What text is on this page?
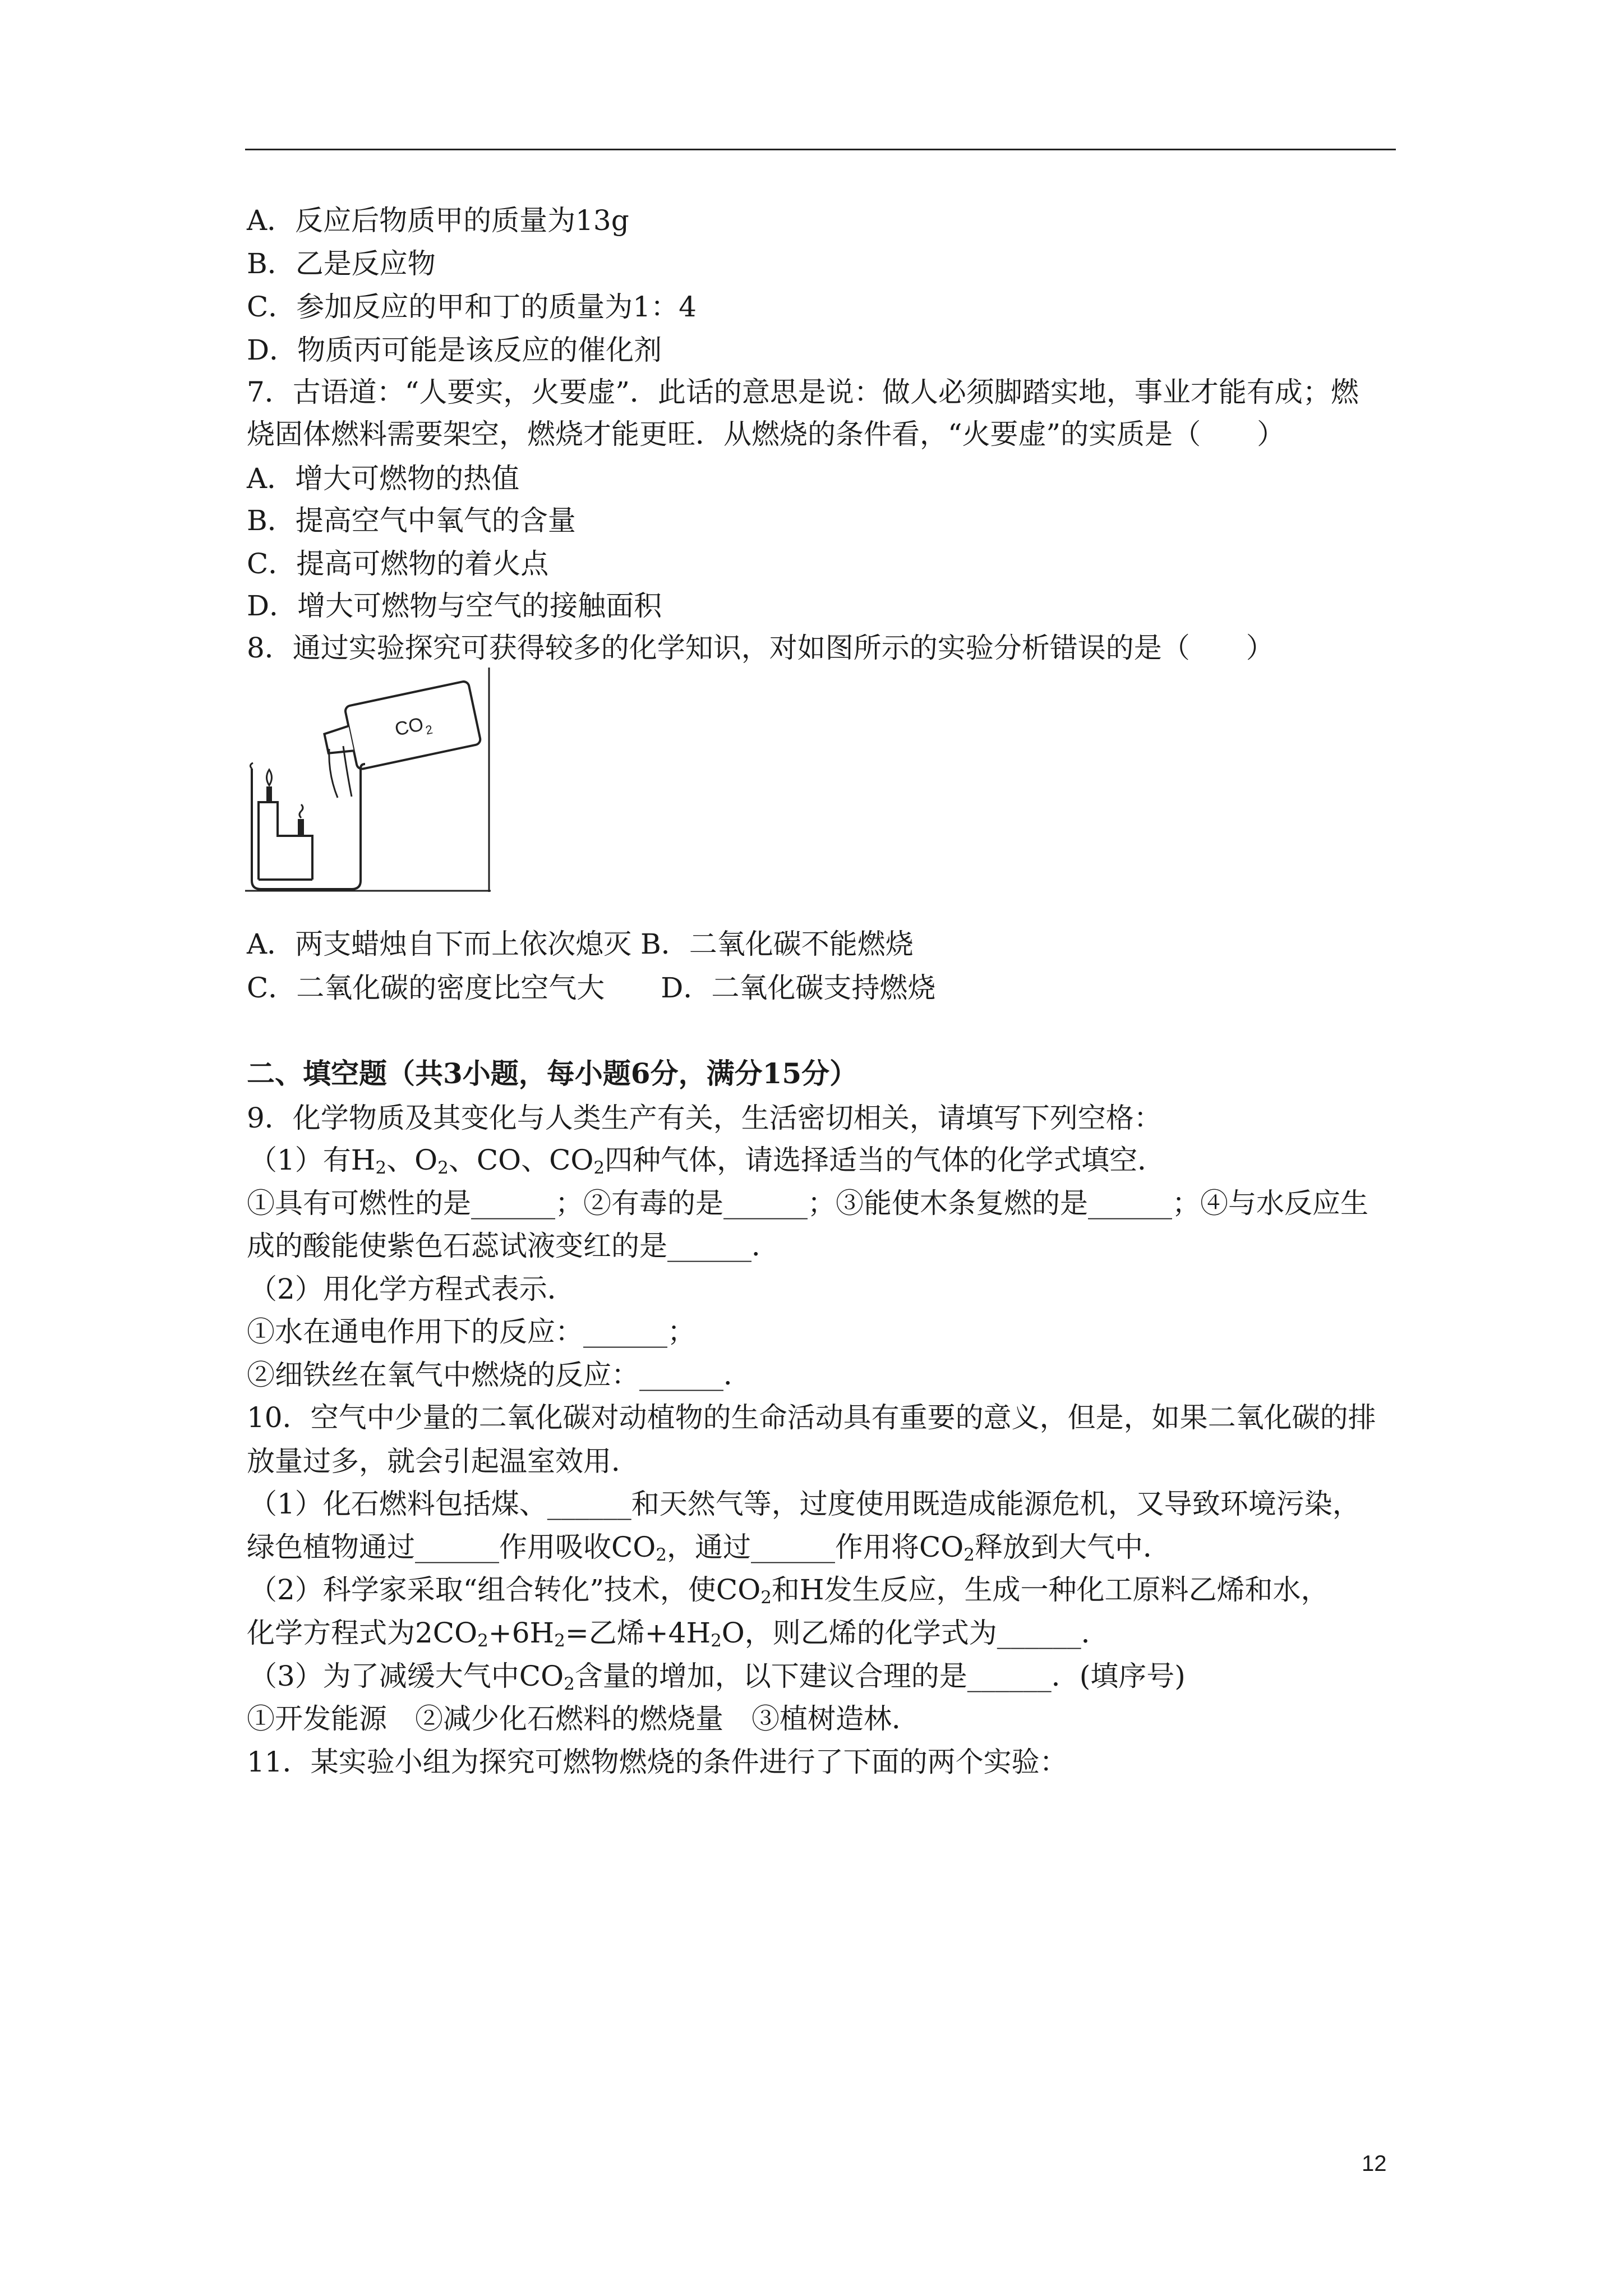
A．反应后物质甲的质量为13g
B．乙是反应物
C．参加反应的甲和丁的质量为1：4
D．物质丙可能是该反应的催化剂
7．古语道：“人要实，火要虚”．此话的意思是说：做人必须脚踏实地，事业才能有成；燃
烧固体燃料需要架空，燃烧才能更旺．从燃烧的条件看，“火要虚”的实质是（　　）
A．增大可燃物的热值
B．提高空气中氧气的含量
C．提高可燃物的着火点
D．增大可燃物与空气的接触面积
8．通过实验探究可获得较多的化学知识，对如图所示的实验分析错误的是（　　）
CO
2
A．两支蜡烛自下而上依次熄灭 B．二氧化碳不能燃烧
C．二氧化碳的密度比空气大　　D．二氧化碳支持燃烧
二、填空题（共3小题，每小题6分，满分15分）
9．化学物质及其变化与人类生产有关，生活密切相关，请填写下列空格：
（1）有$H_2$、$O_2$、CO、$CO_2$四种气体，请选择适当的气体的化学式填空．
①具有可燃性的是______；②有毒的是______；③能使木条复燃的是______；④与水反应生
成的酸能使紫色石蕊试液变红的是______．
（2）用化学方程式表示．
①水在通电作用下的反应：______；
②细铁丝在氧气中燃烧的反应：______．
10．空气中少量的二氧化碳对动植物的生命活动具有重要的意义，但是，如果二氧化碳的排
放量过多，就会引起温室效用．
（1）化石燃料包括煤、______和天然气等，过度使用既造成能源危机，又导致环境污染，
绿色植物通过______作用吸收$CO_2$，通过______作用将$CO_2$释放到大气中．
（2）科学家采取“组合转化”技术，使$CO_2$和H发生反应，生成一种化工原料乙烯和水，
化学方程式为$2CO_2+6H_2=$乙烯$+4H_2O$，则乙烯的化学式为______．
（3）为了减缓大气中$CO_2$含量的增加，以下建议合理的是______．(填序号)
①开发能源　②减少化石燃料的燃烧量　③植树造林．
11．某实验小组为探究可燃物燃烧的条件进行了下面的两个实验：
12
